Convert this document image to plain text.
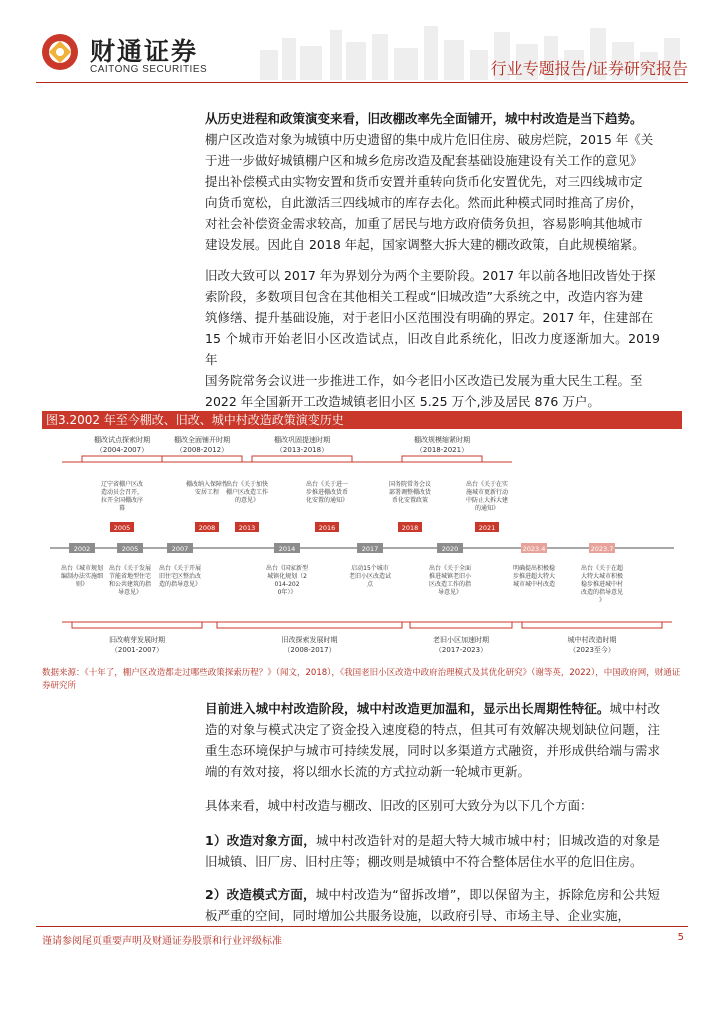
财通证券
CAITONG SECURITIES	行业专题报告/证券研究报告
从历史进程和政策演变来看，旧改棚改率先全面铺开，城中村改造是当下趋势。
棚户区改造对象为城镇中历史遗留的集中成片危旧住房、破房烂院，2015 年《关
于进一步做好城镇棚户区和城乡危房改造及配套基础设施建设有关工作的意见》
提出补偿模式由实物安置和货币安置并重转向货币化安置优先，对三四线城市定
向货币宽松，自此激活三四线城市的库存去化。然而此种模式同时推高了房价，
对社会补偿资金需求较高，加重了居民与地方政府债务负担，容易影响其他城市
建设发展。因此自 2018 年起，国家调整大拆大建的棚改政策，自此规模缩紧。
旧改大致可以 2017 年为界划分为两个主要阶段。2017 年以前各地旧改皆处于探
索阶段，多数项目包含在其他相关工程或“旧城改造”大系统之中，改造内容为建
筑修缮、提升基础设施，对于老旧小区范围没有明确的界定。2017 年，住建部在
15 个城市开始老旧小区改造试点，旧改自此系统化，旧改力度逐渐加大。2019 年
国务院常务会议进一步推进工作，如今老旧小区改造已发展为重大民生工程。至
2022 年全国新开工改造城镇老旧小区 5.25 万个,涉及居民 876 万户。
图3.2002 年至今棚改、旧改、城中村改造政策演变历史
棚改试点探索时期
（2004-2007）
棚改全面铺开时期
（2008-2012）
棚改巩固提速时期
（2013-2018）
棚改规模缩紧时期
（2018-2021）
辽宁省棚户区改
造动员会召开，
拉开全国棚改序
幕
2005
棚改纳入保障性
安居工程
2008
出台《关于加快
棚户区改造工作
的意见》
2013
出台《关于进一
步推进棚改货币
化安置的通知》
2016
国务院常务会议
部署调整棚改货
币化安置政策
2018
出台《关于在实
施城市更新行动
中防止大拆大建
的通知》
2021
2002	2005	2007	2014	2017	2020	2023.4	2023.7
出台《城市规划
编制办法实施细
则》
出台《关于发展
节能省地型住宅
和公共建筑的指
导意见》
出台《关于开展
旧住宅区整治改
造的指导意见》
出台《国家新型
城镇化规划（2
014-202
0年）》
启动15个城市
老旧小区改造试
点
出台《关于全面
推进城镇老旧小
区改造工作的指
导意见》
明确提出积极稳
步推进超大特大
城市城中村改造
出台《关于在超
大特大城市积极
稳步推进城中村
改造的指导意见
》
旧改萌芽发展时期
（2001-2007）
旧改探索发展时期
（2008-2017）
老旧小区加速时期
（2017-2023）
城中村改造时期
（2023至今）
数据来源：《十年了，棚户区改造都走过哪些政策探索历程？》（闻文，2018），《我国老旧小区改造中政府治理模式及其优化研究》（谢等英，2022），中国政府网，财通证券研究所
目前进入城中村改造阶段，城中村改造更加温和，显示出长周期性特征。城中村改造的对象与模式决定了资金投入速度稳的特点，但其可有效解决规划缺位问题，注重生态环境保护与城市可持续发展，同时以多渠道方式融资，并形成供给端与需求端的有效对接，将以细水长流的方式拉动新一轮城市更新。
具体来看，城中村改造与棚改、旧改的区别可大致分为以下几个方面：
1）改造对象方面，城中村改造针对的是超大特大城市城中村；旧城改造的对象是旧城镇、旧厂房、旧村庄等；棚改则是城镇中不符合整体居住水平的危旧住房。
2）改造模式方面，城中村改造为“留拆改增”，即以保留为主，拆除危房和公共短板严重的空间，同时增加公共服务设施，以政府引导、市场主导、企业实施，
谨请参阅尾页重要声明及财通证券股票和行业评级标准	5
